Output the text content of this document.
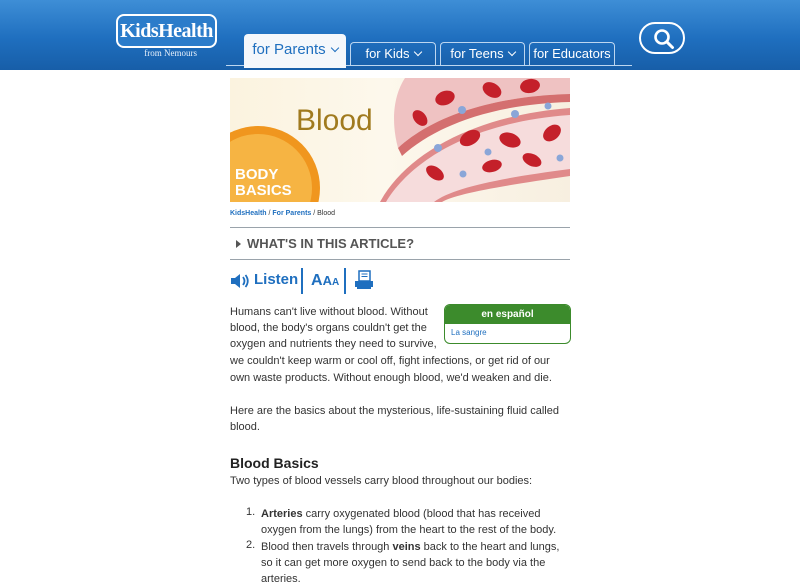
KidsHealth
from Nemours	for Parents	for Kids	for Teens	for Educators
Blood
BODY
BASICS
KidsHealth / For Parents / Blood
WHAT'S IN THIS ARTICLE?
Listen AAA
en español
La sangre
Humans can't live without blood. Without
blood, the body's organs couldn't get the
oxygen and nutrients they need to survive,
we couldn't keep warm or cool off, fight infections, or get rid of our
own waste products. Without enough blood, we'd weaken and die.
Here are the basics about the mysterious, life-sustaining fluid called
blood.
Blood Basics
Two types of blood vessels carry blood throughout our bodies:
1. Arteries carry oxygenated blood (blood that has received
oxygen from the lungs) from the heart to the rest of the body.
2. Blood then travels through veins back to the heart and lungs,
so it can get more oxygen to send back to the body via the
arteries.
